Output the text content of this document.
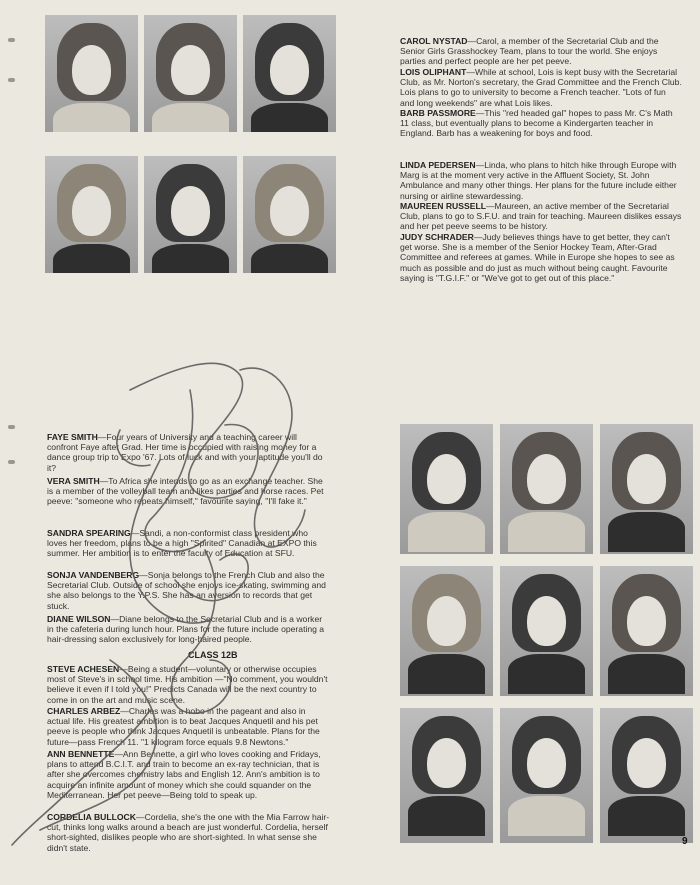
CAROL NYSTAD—Carol, a member of the Secretarial Club and the Senior Girls Grasshockey Team, plans to tour the world. She enjoys parties and perfect people are her pet peeve.

LOIS OLIPHANT—While at school, Lois is kept busy with the Secretarial Club, as Mr. Norton's secretary, the Grad Committee and the French Club. Lois plans to go to university to become a French teacher. "Lots of fun and long weekends" are what Lois likes.

BARB PASSMORE—This "red headed gal" hopes to pass Mr. C's Math 11 class, but eventually plans to become a Kindergarten teacher in England. Barb has a weakening for boys and food.

LINDA PEDERSEN—Linda, who plans to hitch hike through Europe with Marg is at the moment very active in the Affluent Society, St. John Ambulance and many other things. Her plans for the future include either nursing or airline stewardessing.

MAUREEN RUSSELL—Maureen, an active member of the Secretarial Club, plans to go to S.F.U. and train for teaching. Maureen dislikes essays and her pet peeve seems to be history.

JUDY SCHRADER—Judy believes things have to get better, they can't get worse. She is a member of the Senior Hockey Team, After-Grad Committee and referees at games. While in Europe she hopes to see as much as possible and do just as much without being caught. Favourite saying is "T.G.I.F." or "We've got to get out of this place."

FAYE SMITH—Four years of University and a teaching career will confront Faye after Grad. Her time is occupied with raising money for a dance group trip to Expo '67. Lots of luck and with your aptitude you'll do it?

VERA SMITH—To Africa she intends to go as an exchange teacher. She is a member of the volleyball team and likes parties and horse races. Pet peeve: "someone who repeats himself," favourite saying, "I'll fake it."

SANDRA SPEARING—Sandi, a non-conformist class president who loves her freedom, plans to be a high "Spirited" Canadian at EXPO this summer. Her ambition is to enter the faculty of Education at SFU.

SONJA VANDENBERG—Sonja belongs to the French Club and also the Secretarial Club. Outside of school she enjoys ice-skating, swimming and she also belongs to the Y.P.S. She has an aversion to records that get stuck.

DIANE WILSON—Diane belongs to the Secretarial Club and is a worker in the cafeteria during lunch hour. Plans for the future include operating a hair-dressing salon exclusively for long-haired people.

CLASS 12B

STEVE ACHESEN—Being a student—voluntary or otherwise occupies most of Steve's in school time. His ambition —"No comment, you wouldn't believe it even if I told you!" Predicts Canada will be the next country to come in on the art and music scene.

CHARLES ARBEZ—Charles was a hobo in the pageant and also in actual life. His greatest ambition is to beat Jacques Anquetil and his pet peeve is people who think Jacques Anquetil is unbeatable. Plans for the future—pass French 11. "1 kilogram force equals 9.8 Newtons."

ANN BENNETTE—Ann Bennette, a girl who loves cooking and Fridays, plans to attend B.C.I.T. and train to become an ex-ray technician, that is after she overcomes chemistry labs and English 12. Ann's ambition is to acquire an infinite amount of money which she could squander on the Mediterranean. Her pet peeve—Being told to speak up.

CORDELIA BULLOCK—Cordelia, she's the one with the Mia Farrow hair-cut, thinks long walks around a beach are just wonderful. Cordelia, herself short-sighted, dislikes people who are short-sighted. In what sense she didn't state.

9
